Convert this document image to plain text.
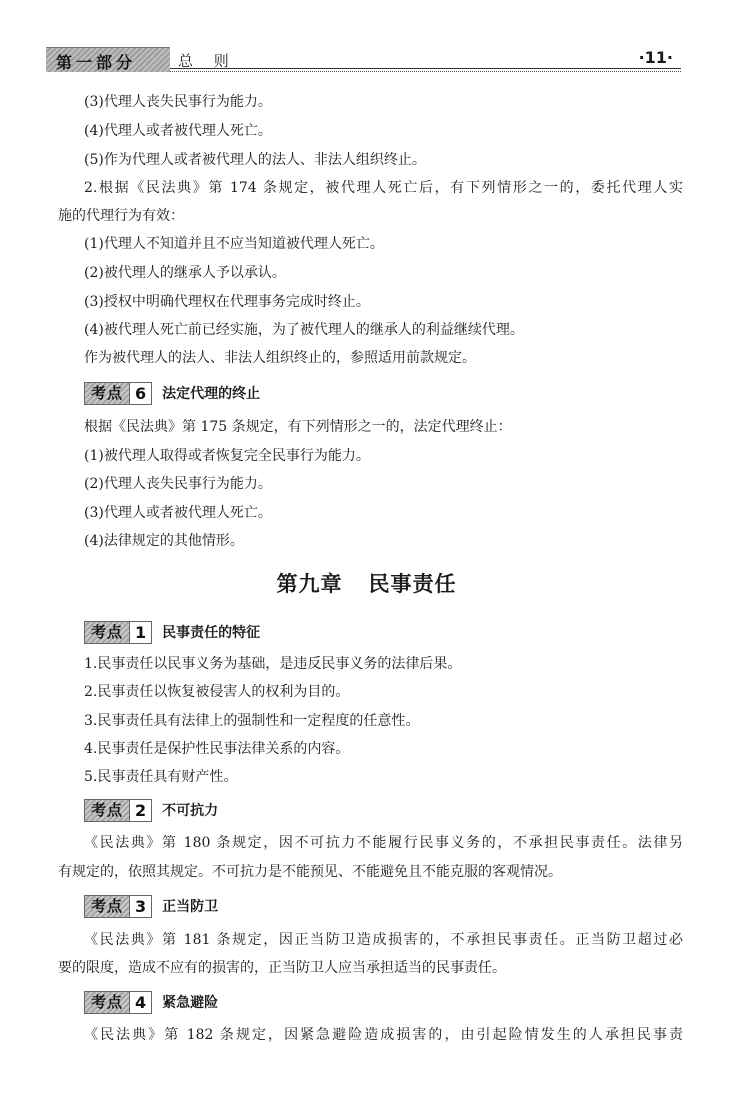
第一部分	总 则	·11·
(3)代理人丧失民事行为能力。
(4)代理人或者被代理人死亡。
(5)作为代理人或者被代理人的法人、非法人组织终止。
2.根据《民法典》第 174 条规定，被代理人死亡后，有下列情形之一的，委托代理人实
施的代理行为有效：
(1)代理人不知道并且不应当知道被代理人死亡。
(2)被代理人的继承人予以承认。
(3)授权中明确代理权在代理事务完成时终止。
(4)被代理人死亡前已经实施，为了被代理人的继承人的利益继续代理。
作为被代理人的法人、非法人组织终止的，参照适用前款规定。
考点 6	法定代理的终止
根据《民法典》第 175 条规定，有下列情形之一的，法定代理终止：
(1)被代理人取得或者恢复完全民事行为能力。
(2)代理人丧失民事行为能力。
(3)代理人或者被代理人死亡。
(4)法律规定的其他情形。
第九章 民事责任
考点 1	民事责任的特征
1.民事责任以民事义务为基础，是违反民事义务的法律后果。
2.民事责任以恢复被侵害人的权利为目的。
3.民事责任具有法律上的强制性和一定程度的任意性。
4.民事责任是保护性民事法律关系的内容。
5.民事责任具有财产性。
考点 2	不可抗力
《民法典》第 180 条规定，因不可抗力不能履行民事义务的，不承担民事责任。法律另
有规定的，依照其规定。不可抗力是不能预见、不能避免且不能克服的客观情况。
考点 3	正当防卫
《民法典》第 181 条规定，因正当防卫造成损害的，不承担民事责任。正当防卫超过必
要的限度，造成不应有的损害的，正当防卫人应当承担适当的民事责任。
考点 4	紧急避险
《民法典》第 182 条规定，因紧急避险造成损害的，由引起险情发生的人承担民事责
